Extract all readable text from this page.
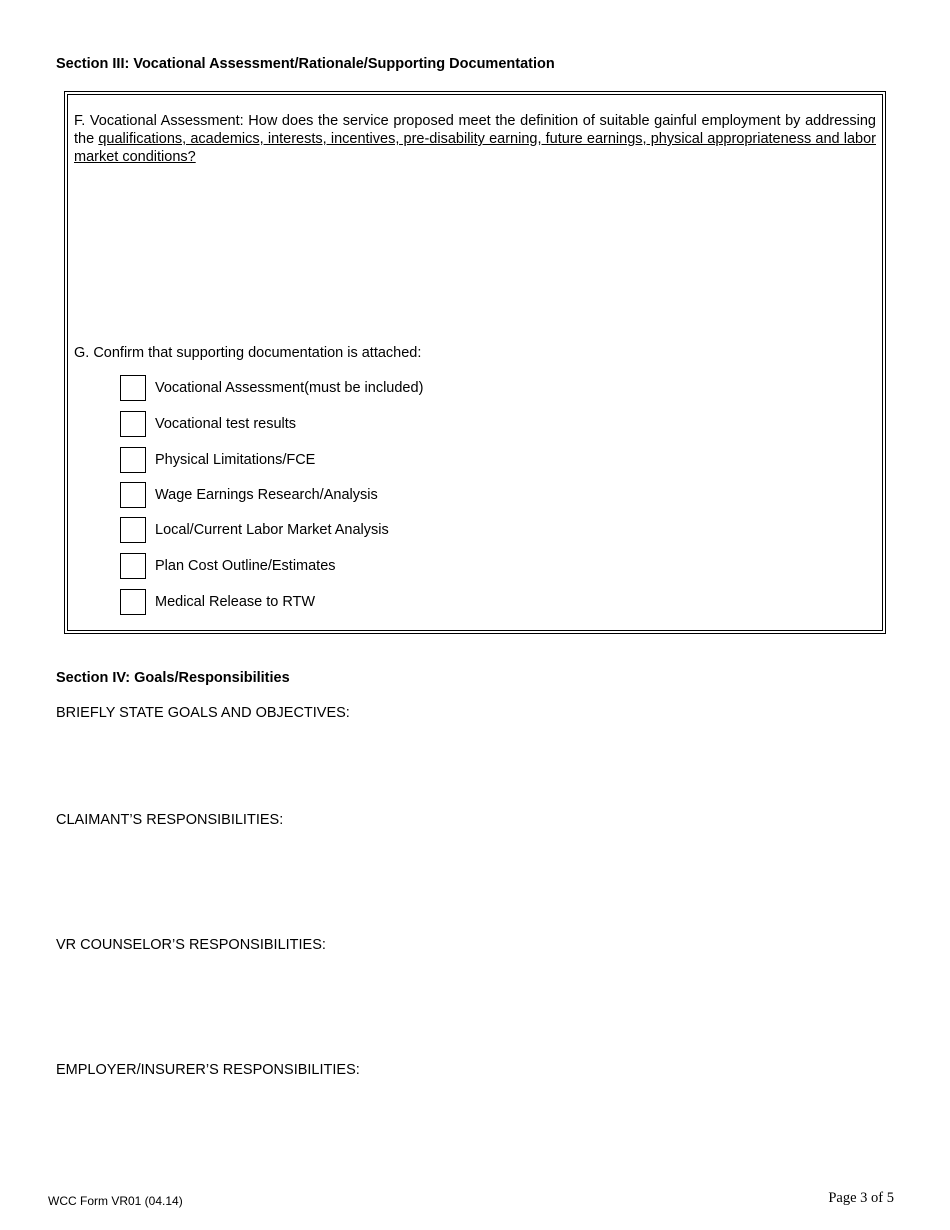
Section III: Vocational Assessment/Rationale/Supporting Documentation
F. Vocational Assessment: How does the service proposed meet the definition of suitable gainful employment by addressing the qualifications, academics, interests, incentives, pre-disability earning, future earnings, physical appropriateness and labor market conditions?
G. Confirm that supporting documentation is attached:
Vocational Assessment(must be included)
Vocational test results
Physical Limitations/FCE
Wage Earnings Research/Analysis
Local/Current Labor Market Analysis
Plan Cost Outline/Estimates
Medical Release to RTW
Section IV: Goals/Responsibilities
BRIEFLY STATE GOALS AND OBJECTIVES:
CLAIMANT’S RESPONSIBILITIES:
VR COUNSELOR’S RESPONSIBILITIES:
EMPLOYER/INSURER’S RESPONSIBILITIES:
WCC Form VR01 (04.14)	Page 3 of 5
